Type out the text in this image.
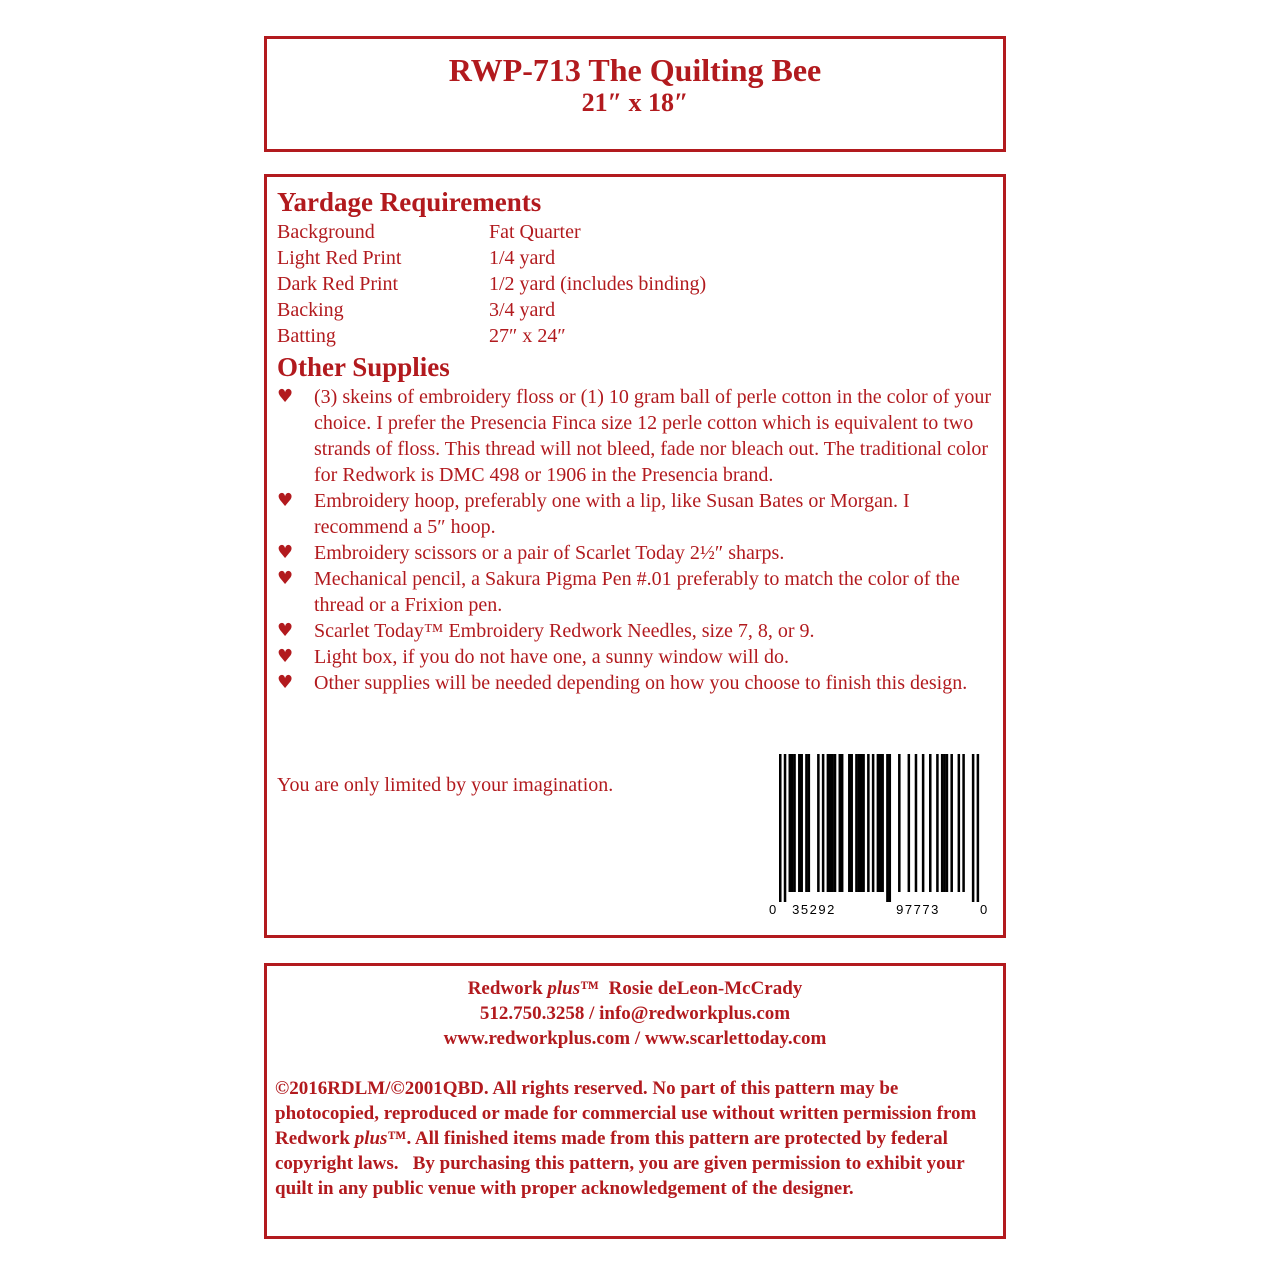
RWP-713 The Quilting Bee
21″ x 18″
Yardage Requirements
Background	Fat Quarter
Light Red Print	1/4 yard
Dark Red Print	1/2 yard (includes binding)
Backing	3/4 yard
Batting	27″ x 24″
Other Supplies
♥	(3) skeins of embroidery floss or (1) 10 gram ball of perle cotton in the color of your choice. I prefer the Presencia Finca size 12 perle cotton which is equivalent to two strands of floss. This thread will not bleed, fade nor bleach out. The traditional color for Redwork is DMC 498 or 1906 in the Presencia brand.
♥	Embroidery hoop, preferably one with a lip, like Susan Bates or Morgan. I recommend a 5″ hoop.
♥	Embroidery scissors or a pair of Scarlet Today 2½″ sharps.
♥	Mechanical pencil, a Sakura Pigma Pen #.01 preferably to match the color of the thread or a Frixion pen.
♥	Scarlet Today™ Embroidery Redwork Needles, size 7, 8, or 9.
♥	Light box, if you do not have one, a sunny window will do.
♥	Other supplies will be needed depending on how you choose to finish this design.
You are only limited by your imagination.
0 35292	97773	0
Redwork plus™  Rosie deLeon-McCrady
512.750.3258 / info@redworkplus.com
www.redworkplus.com / www.scarlettoday.com
©2016RDLM/©2001QBD. All rights reserved. No part of this pattern may be photocopied, reproduced or made for commercial use without written permission from Redwork plus™. All finished items made from this pattern are protected by federal copyright laws.   By purchasing this pattern, you are given permission to exhibit your quilt in any public venue with proper acknowledgement of the designer.
